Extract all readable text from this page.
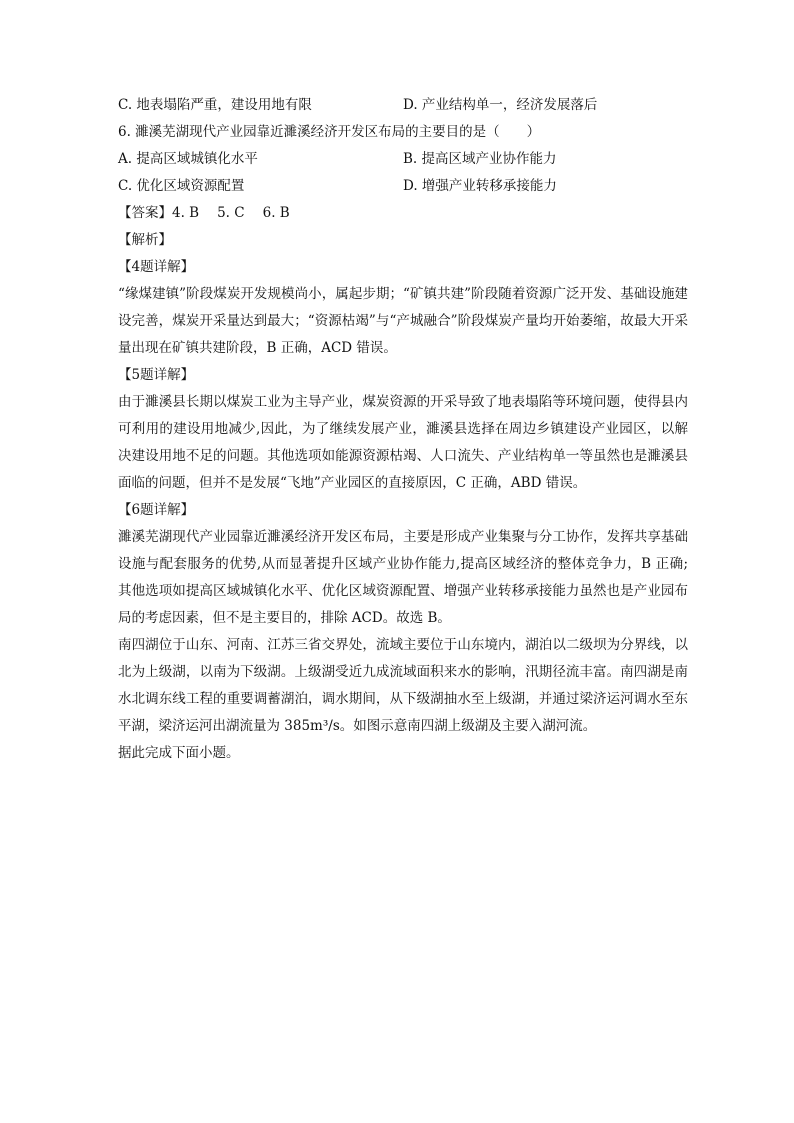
C. 地表塌陷严重，建设用地有限	D. 产业结构单一，经济发展落后
6. 濉溪芜湖现代产业园靠近濉溪经济开发区布局的主要目的是（　　）
A. 提高区域城镇化水平	B. 提高区域产业协作能力
C. 优化区域资源配置	D. 增强产业转移承接能力
【答案】4. B 5. C 6. B
【解析】
【4题详解】
“缘煤建镇”阶段煤炭开发规模尚小，属起步期；“矿镇共建”阶段随着资源广泛开发、基础设施建设完善，煤炭开采量达到最大；“资源枯竭”与“产城融合”阶段煤炭产量均开始萎缩，故最大开采量出现在矿镇共建阶段，B 正确，ACD 错误。
【5题详解】
由于濉溪县长期以煤炭工业为主导产业，煤炭资源的开采导致了地表塌陷等环境问题，使得县内可利用的建设用地减少,因此，为了继续发展产业，濉溪县选择在周边乡镇建设产业园区，以解决建设用地不足的问题。其他选项如能源资源枯竭、人口流失、产业结构单一等虽然也是濉溪县面临的问题，但并不是发展“飞地”产业园区的直接原因，C 正确，ABD 错误。
【6题详解】
濉溪芜湖现代产业园靠近濉溪经济开发区布局，主要是形成产业集聚与分工协作，发挥共享基础设施与配套服务的优势,从而显著提升区域产业协作能力,提高区域经济的整体竞争力，B 正确; 其他选项如提高区域城镇化水平、优化区域资源配置、增强产业转移承接能力虽然也是产业园布局的考虑因素，但不是主要目的，排除 ACD。故选 B。
南四湖位于山东、河南、江苏三省交界处，流域主要位于山东境内，湖泊以二级坝为分界线，以北为上级湖，以南为下级湖。上级湖受近九成流域面积来水的影响，汛期径流丰富。南四湖是南水北调东线工程的重要调蓄湖泊，调水期间，从下级湖抽水至上级湖，并通过梁济运河调水至东平湖，梁济运河出湖流量为 385m³/s。如图示意南四湖上级湖及主要入湖河流。
据此完成下面小题。
